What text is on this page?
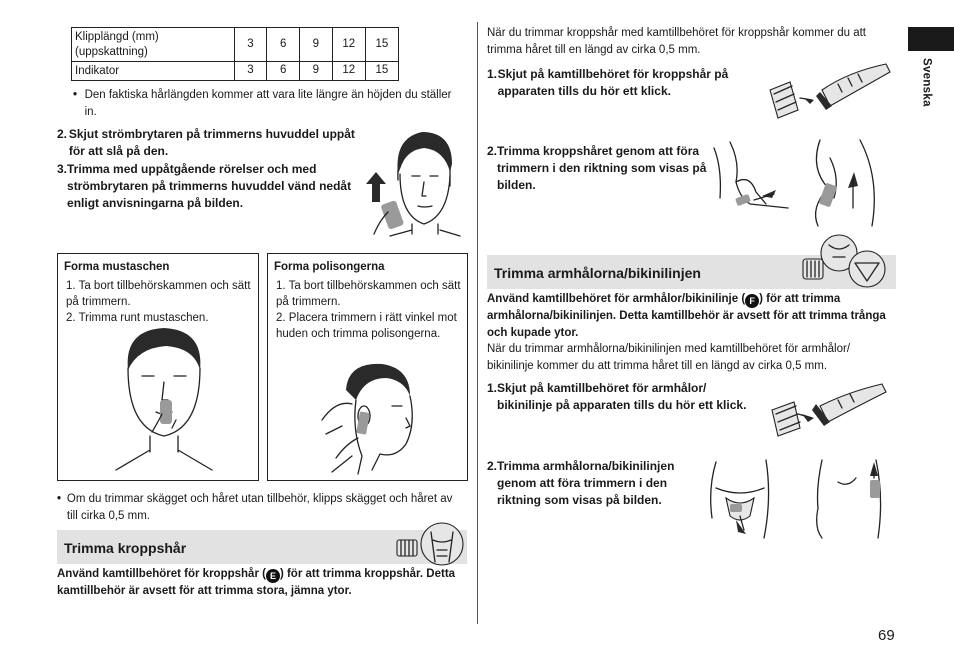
Klipplängd (mm) (uppskattning)	3	6	9	12	15
Indikator	3	6	9	12	15
• Den faktiska hårlängden kommer att vara lite längre än höjden du ställer in.
2. Skjut strömbrytaren på trimmerns huvuddel uppåt för att slå på den.
3. Trimma med uppåtgående rörelser och med strömbrytaren på trimmerns huvuddel vänd nedåt enligt anvisningarna på bilden.
Forma mustaschen
1. Ta bort tillbehörskammen och sätt på trimmern.
2. Trimma runt mustaschen.
Forma polisongerna
1. Ta bort tillbehörskammen och sätt på trimmern.
2. Placera trimmern i rätt vinkel mot huden och trimma polisongerna.
• Om du trimmar skägget och håret utan tillbehör, klipps skägget och håret av till cirka 0,5 mm.
Trimma kroppshår
Använd kamtillbehöret för kroppshår ( E ) för att trimma kroppshår. Detta kamtillbehör är avsett för att trimma stora, jämna ytor.
När du trimmar kroppshår med kamtillbehöret för kroppshår kommer du att trimma håret till en längd av cirka 0,5 mm.
1. Skjut på kamtillbehöret för kroppshår på apparaten tills du hör ett klick.
2. Trimma kroppshåret genom att föra trimmern i den riktning som visas på bilden.
Trimma armhålorna/bikinilinjen
Använd kamtillbehöret för armhålor/bikinilinje ( F ) för att trimma armhålorna/bikinilinjen. Detta kamtillbehör är avsett för att trimma trånga och kupade ytor.
När du trimmar armhålorna/bikinilinjen med kamtillbehöret för armhålor/ bikinilinje kommer du att trimma håret till en längd av cirka 0,5 mm.
1. Skjut på kamtillbehöret för armhålor/ bikinilinje på apparaten tills du hör ett klick.
2. Trimma armhålorna/bikinilinjen genom att föra trimmern i den riktning som visas på bilden.
Svenska
69
